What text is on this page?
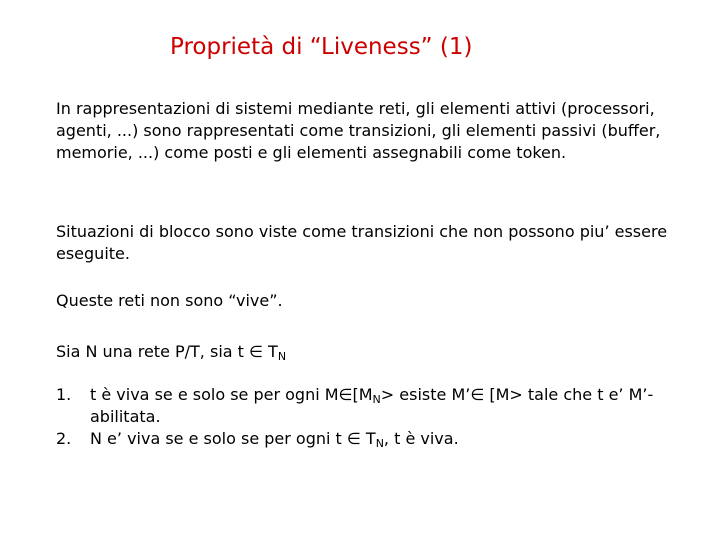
Proprietà di “Liveness” (1)

In rappresentazioni di sistemi mediante reti, gli elementi attivi (processori, agenti, ...) sono rappresentati come transizioni, gli elementi passivi (buffer, memorie, ...) come posti e gli elementi assegnabili come token.

Situazioni di blocco sono viste come transizioni che non possono piu’ essere eseguite.

Queste reti non sono “vive”.

Sia N una rete P/T, sia t ∈ $T_N$

1. t è viva se e solo se per ogni $M\in[M_N>$ esiste M’∈ [M> tale che t e’ M’-abilitata.
2. N e’ viva se e solo se per ogni t ∈ $T_N$, t è viva.
